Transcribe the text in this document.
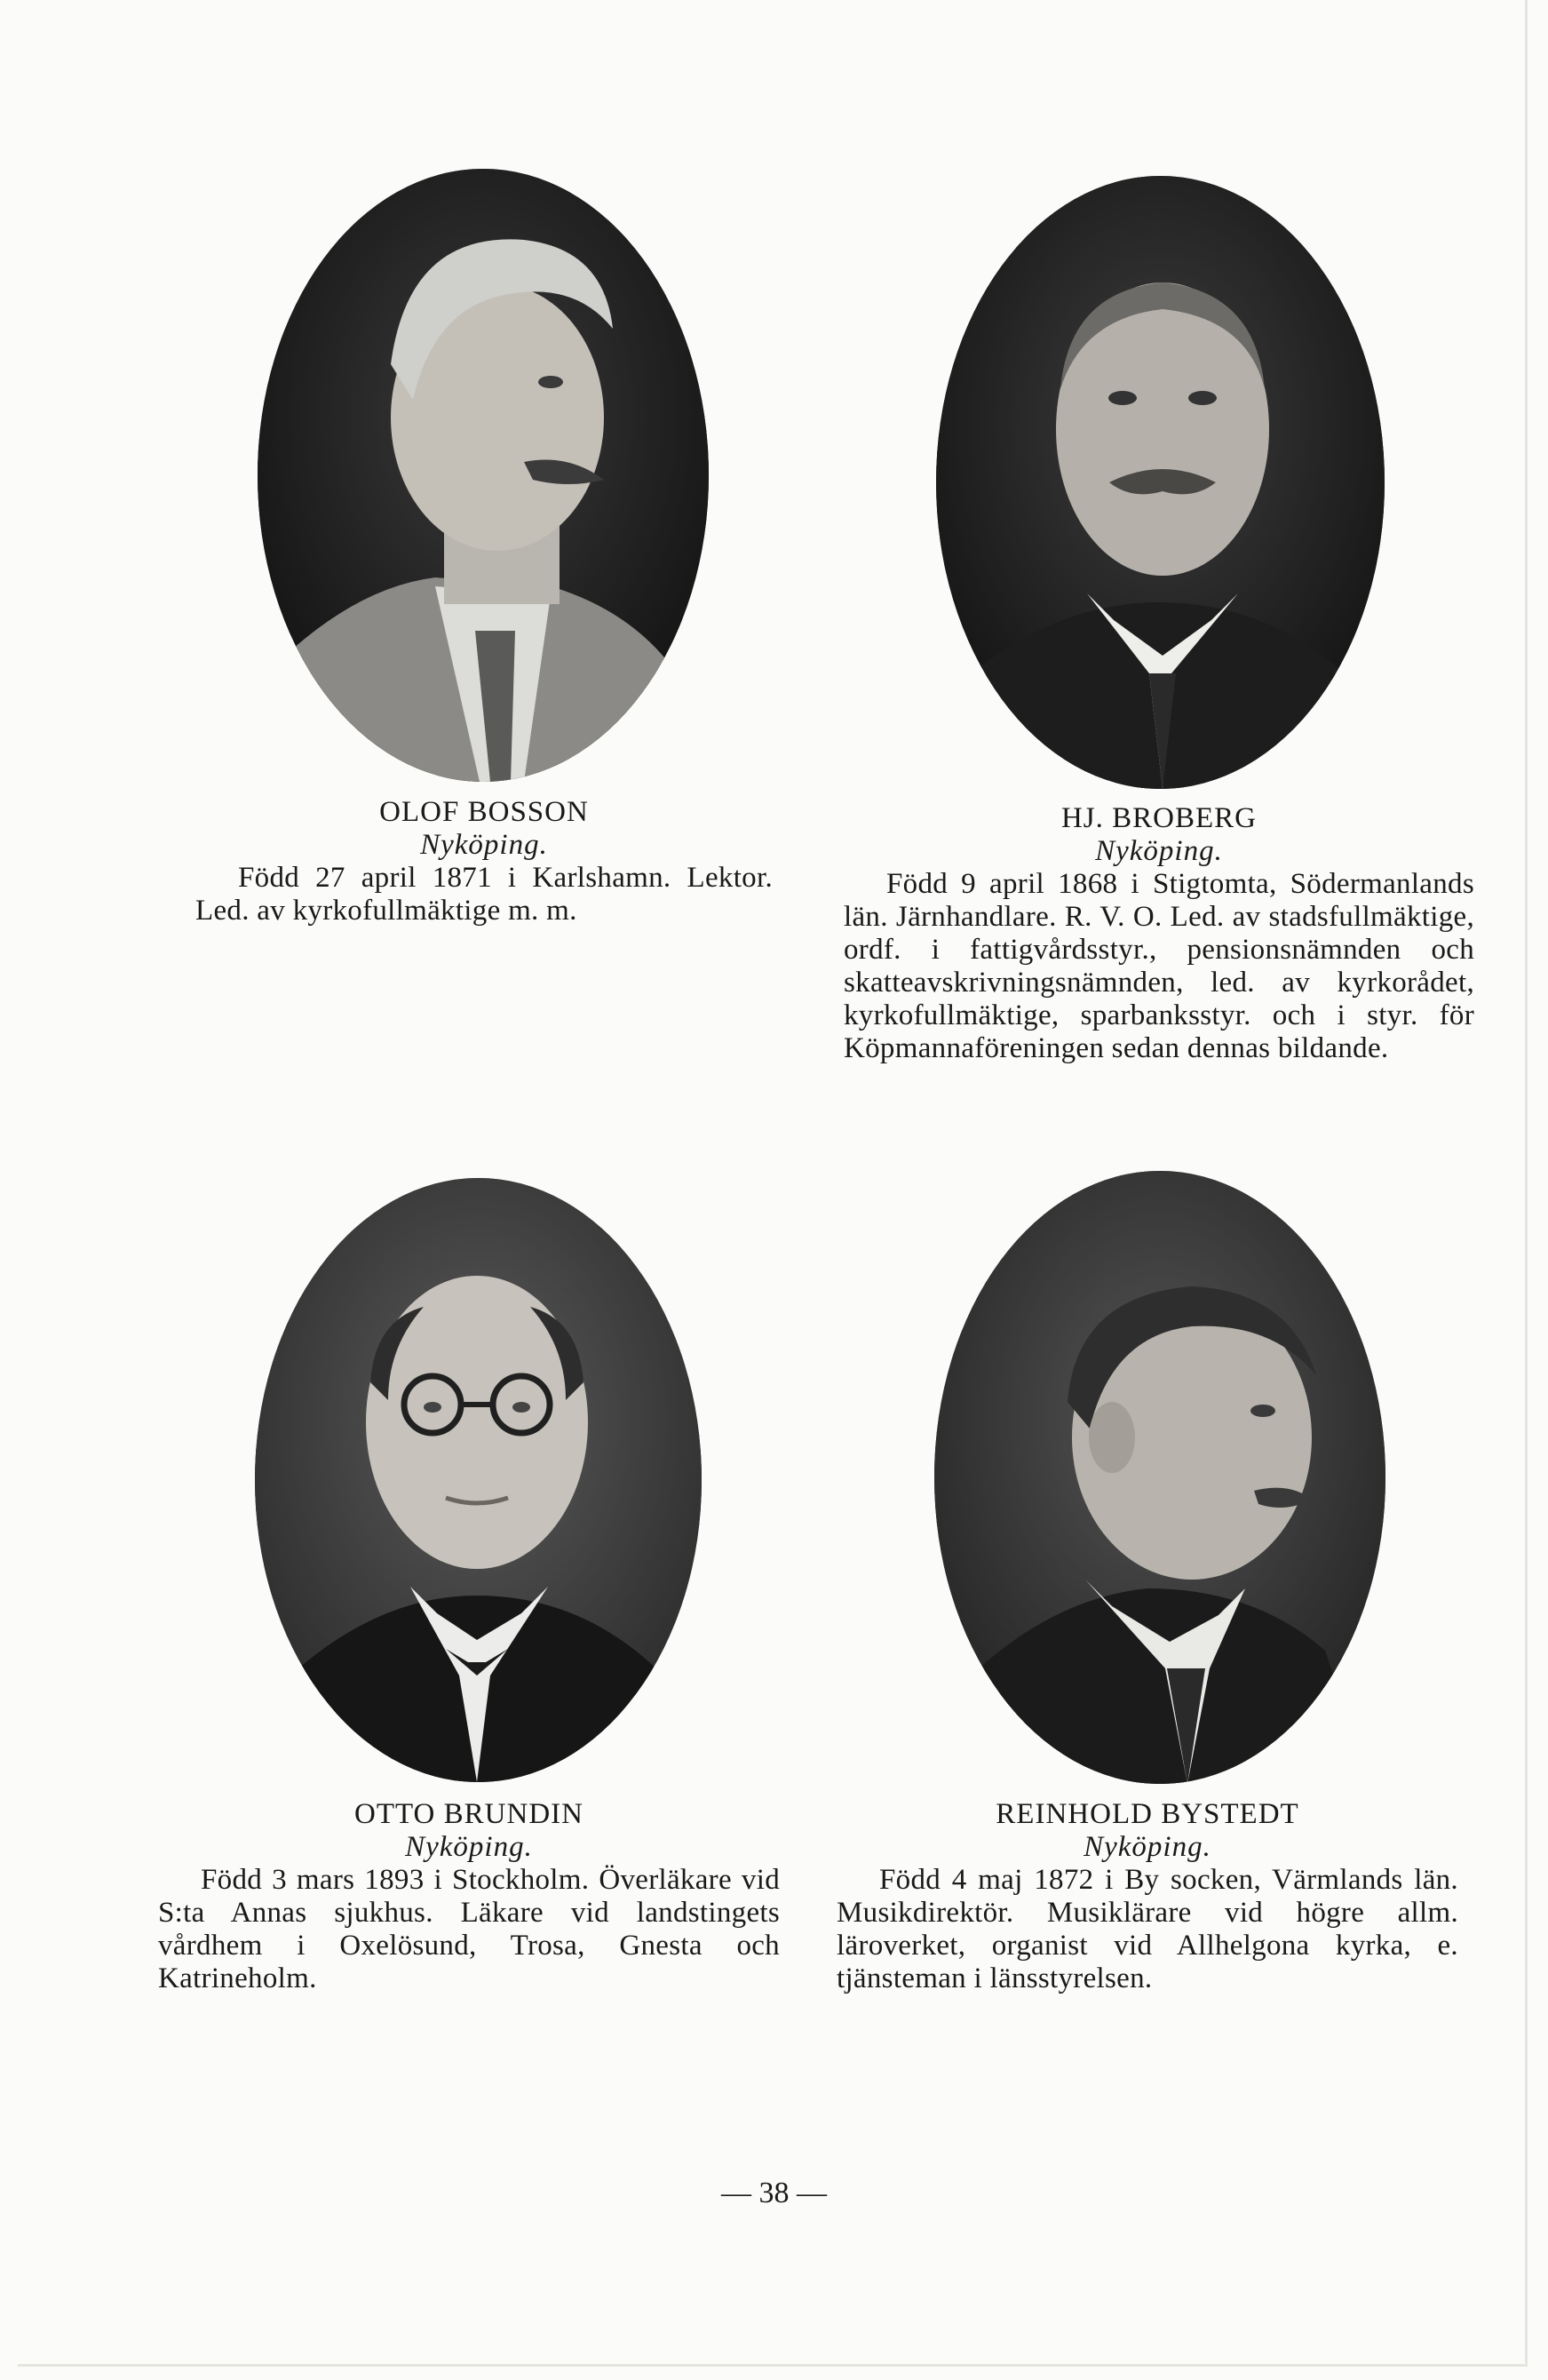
OLOF BOSSON
Nyköping.
Född 27 april 1871 i Karlshamn. Lektor. Led. av kyrkofullmäktige m. m.
HJ. BROBERG
Nyköping.
Född 9 april 1868 i Stigtomta, Södermanlands län. Järnhandlare. R. V. O. Led. av stadsfullmäktige, ordf. i fattigvårdsstyr., pensionsnämnden och skatteavskrivningsnämnden, led. av kyrkorådet, kyrkofullmäktige, sparbanksstyr. och i styr. för Köpmannaföreningen sedan dennas bildande.
OTTO BRUNDIN
Nyköping.
Född 3 mars 1893 i Stockholm. Överläkare vid S:ta Annas sjukhus. Läkare vid landstingets vårdhem i Oxelösund, Trosa, Gnesta och Katrineholm.
REINHOLD BYSTEDT
Nyköping.
Född 4 maj 1872 i By socken, Värmlands län. Musikdirektör. Musiklärare vid högre allm. läroverket, organist vid Allhelgona kyrka, e. tjänsteman i länsstyrelsen.
— 38 —
